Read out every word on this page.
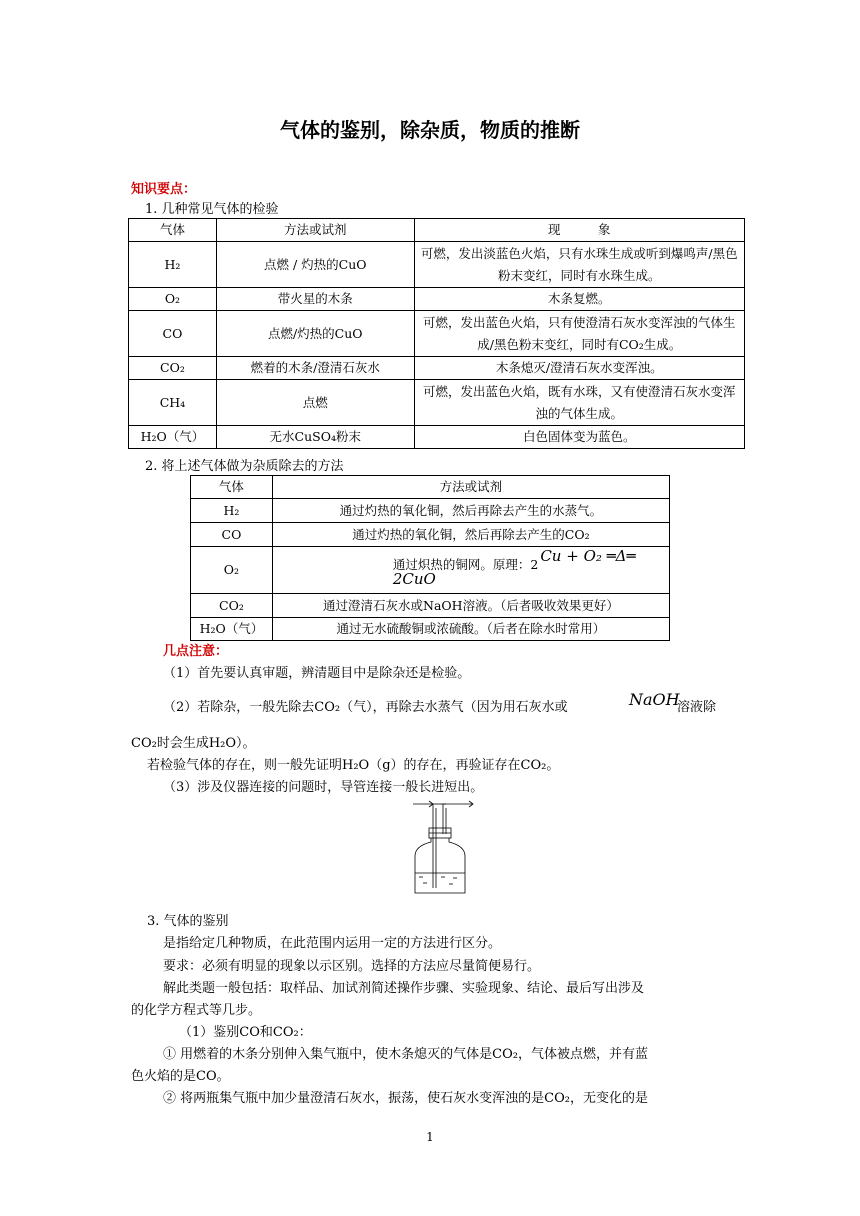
气体的鉴别，除杂质，物质的推断
知识要点：
1. 几种常见气体的检验
气体	方法或试剂	现　　　象
H₂	点燃 / 灼热的CuO	可燃，发出淡蓝色火焰，只有水珠生成或听到爆鸣声/黑色粉末变红，同时有水珠生成。
O₂	带火星的木条	木条复燃。
CO	点燃/灼热的CuO	可燃，发出蓝色火焰，只有使澄清石灰水变浑浊的气体生成/黑色粉末变红，同时有CO₂生成。
CO₂	燃着的木条/澄清石灰水	木条熄灭/澄清石灰水变浑浊。
CH₄	点燃	可燃，发出蓝色火焰，既有水珠，又有使澄清石灰水变浑浊的气体生成。
H₂O（气）	无水CuSO₄粉末	白色固体变为蓝色。
2. 将上述气体做为杂质除去的方法
气体	方法或试剂
H₂	通过灼热的氧化铜，然后再除去产生的水蒸气。
CO	通过灼热的氧化铜，然后再除去产生的CO₂
O₂	通过炽热的铜网。原理：2 Cu + O₂ ═Δ═ 2CuO
CO₂	通过澄清石灰水或NaOH溶液。（后者吸收效果更好）
H₂O（气）	通过无水硫酸铜或浓硫酸。（后者在除水时常用）
几点注意：
（1）首先要认真审题，辨清题目中是除杂还是检验。
（2）若除杂，一般先除去CO₂（气），再除去水蒸气（因为用石灰水或	NaOH
溶液除
CO₂时会生成H₂O）。
若检验气体的存在，则一般先证明H₂O（g）的存在，再验证存在CO₂。
（3）涉及仪器连接的问题时，导管连接一般长进短出。
3. 气体的鉴别
是指给定几种物质，在此范围内运用一定的方法进行区分。
要求：必须有明显的现象以示区别。选择的方法应尽量简便易行。
解此类题一般包括：取样品、加试剂简述操作步骤、实验现象、结论、最后写出涉及
的化学方程式等几步。
（1）鉴别CO和CO₂：
① 用燃着的木条分别伸入集气瓶中，使木条熄灭的气体是CO₂，气体被点燃，并有蓝
色火焰的是CO。
② 将两瓶集气瓶中加少量澄清石灰水，振荡，使石灰水变浑浊的是CO₂，无变化的是
1
